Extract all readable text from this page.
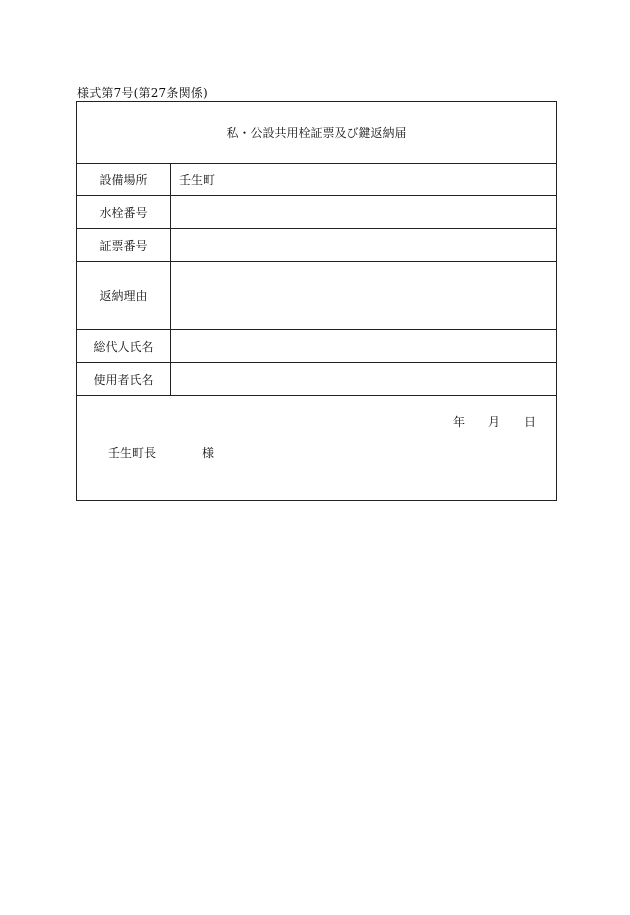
様式第7号(第27条関係)
私・公設共用栓証票及び鍵返納届
設備場所	壬生町
水栓番号
証票番号
返納理由
総代人氏名
使用者氏名
年 月 日
壬生町長	様
